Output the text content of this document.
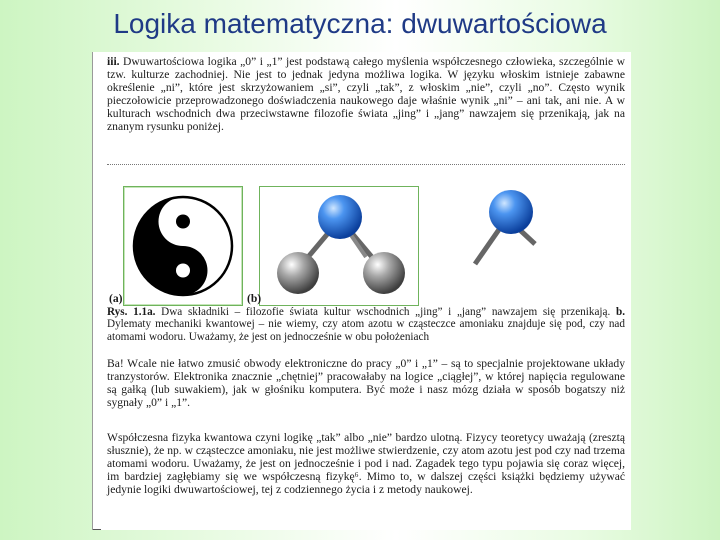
Logika matematyczna: dwuwartościowa

iii. Dwuwartościowa logika „0” i „1” jest podstawą całego myślenia współczesnego człowieka, szczególnie w tzw. kulturze zachodniej. Nie jest to jednak jedyna możliwa logika. W języku włoskim istnieje zabawne określenie „ni”, które jest skrzyżowaniem „si”, czyli „tak”, z włoskim „nie”, czyli „no”. Często wynik pieczołowicie przeprowadzonego doświadczenia naukowego daje właśnie wynik „ni” – ani tak, ani nie. A w kulturach wschodnich dwa przeciwstawne filozofie świata „jing” i „jang” nawzajem się przenikają, jak na znanym rysunku poniżej.

(a)	(b)

Rys. 1.1a. Dwa składniki – filozofie świata kultur wschodnich „jing” i „jang” nawzajem się przenikają. b. Dylematy mechaniki kwantowej – nie wiemy, czy atom azotu w cząsteczce amoniaku znajduje się pod, czy nad atomami wodoru. Uważamy, że jest on jednocześnie w obu położeniach

Ba! Wcale nie łatwo zmusić obwody elektroniczne do pracy „0” i „1” – są to specjalnie projektowane układy tranzystorów. Elektronika znacznie „chętniej” pracowałaby na logice „ciągłej”, w której napięcia regulowane są gałką (lub suwakiem), jak w głośniku komputera. Być może i nasz mózg działa w sposób bogatszy niż sygnały „0” i „1”.

Współczesna fizyka kwantowa czyni logikę „tak” albo „nie” bardzo ulotną. Fizycy teoretycy uważają (zresztą słusznie), że np. w cząsteczce amoniaku, nie jest możliwe stwierdzenie, czy atom azotu jest pod czy nad trzema atomami wodoru. Uważamy, że jest on jednocześnie i pod i nad. Zagadek tego typu pojawia się coraz więcej, im bardziej zagłębiamy się we współczesną fizykę⁶. Mimo to, w dalszej części książki będziemy używać jedynie logiki dwuwartościowej, tej z codziennego życia i z metody naukowej.
